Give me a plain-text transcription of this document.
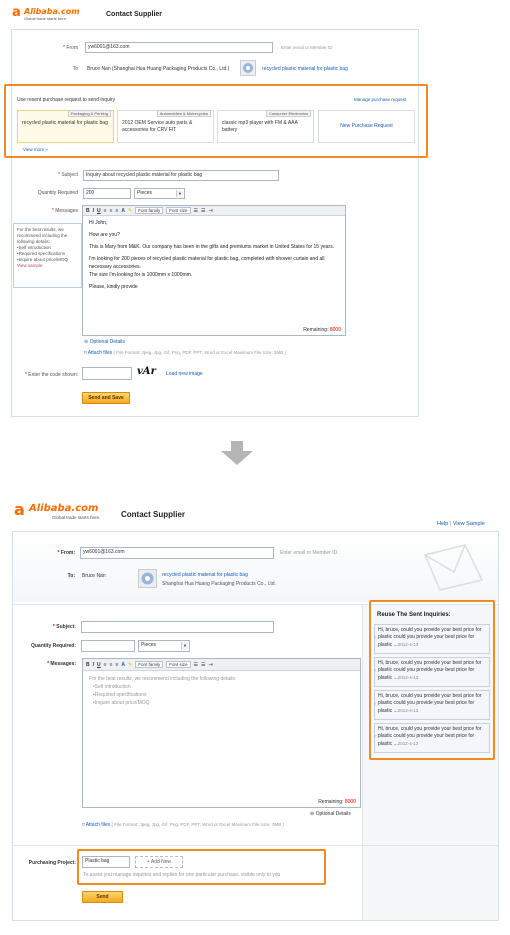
a Alibaba.com
Global trade starts here.
Contact Supplier
* From	yw6001@163.com	Enter email or Member ID
To Bruce Nan (Shanghai Hua Huang Packaging Products Co., Ltd.)	recycled plastic material for plastic bag
Use resent purchase request to send inquiry	Manage purchase request
Packaging & Printing
recycled plastic material for plastic bag
Automobiles & Motorcycles
2012 OEM Service auto parts & accessories for CRV FIT
Consumer Electronics
classic mp3 player with FM & AAA battery
New Purchase Request
View more »
* Subject	Inquiry about recycled plastic material for plastic bag
Quantity Required	200	Pieces	▼
* Messages
For the best results, we recommend including the following details:
• Self introduction
• Required specifications
• Inquire about price/MOQ
View sample
B I U ≡ ≡ ≡ A ✎	Font family	Font size	☰ ☰ ⇥
Hi John,
How are you?
This is Mary from M&K. Our company has been in the gifts and premiums market in United States for 15 years.
I'm looking for 200 pieces of recycled plastic material for plastic bag, completed with shower curtain and all necessary accessories.
The size I'm looking for is 1000mm x 1000mm.
Please, kindly provide
Remaining: 8000
⊖ Optional Details
⌑ Attach files ( File Format: Jpeg, Jpg, Gif, Png, PDF, PPT, Word or Excel Maximum File Size: 3MB )
* Enter the code shown:	vAr Load new image
Send and Save
a Alibaba.com
Global trade starts here.	Contact Supplier
Help | View Sample
* From:	yw6001@163.com	Enter email or Member ID.
To: Bruce Nan	recycled plastic material for plastic bag
Shanghai Hua Huang Packaging Products Co., Ltd.
* Subject:
Quantity Required:	Pieces	▼
* Messages: B I U ≡ ≡ ≡ A ✎	Font family	Font size	☰ ☰ ⇥
For the best results, we recommend including the following details:
• Self introduction
• Required specifications
• Inquire about price/MOQ
Remaining: 8000
⊖ Optional Details
⌑ Attach files ( File Format: Jpeg, Jpg, Gif, Png, PDF, PPT, Word or Excel Maximum File Size: 3MB )
Reuse The Sent Inquiries:
‹
Hi, bruce, could you provide your best price for plastic could you provide your best price for plastic ...2012-4-13
‹
Hi, bruce, could you provide your best price for plastic could you provide your best price for plastic ...2012-4-13
‹
Hi, bruce, could you provide your best price for plastic could you provide your best price for plastic ...2012-4-13
‹
Hi, bruce, could you provide your best price for plastic could you provide your best price for plastic ...2012-4-13
Purchasing Project:	Plastic bag	+ Add New
To assist you manage inquiries and replies for one particular purchase, visible only to you
Send
